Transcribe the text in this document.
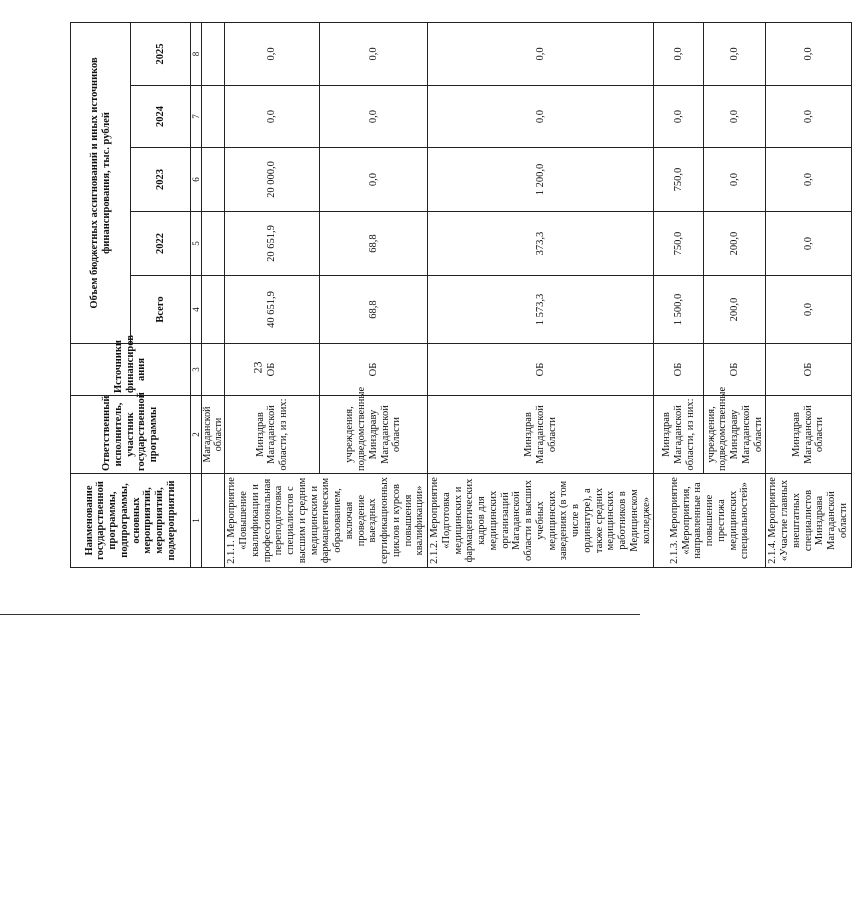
23
Наименование государственной программы, подпрограммы, основных мероприятий, мероприятий, подмероприятий	Ответственный исполнитель, участник государственной программы	Источники финансиров ания	Объем бюджетных ассигнований и иных источников финансирования, тыс. рублей				
			Всего	2022	2023	2024	2025
1	2	3	4	5	6	7	8
	Магаданской области						
2.1.1. Мероприятие «Повышение квалификации и профессиональная переподготовка специалистов с высшим и средним медицинским и фармацевтическим образованием, включая проведение выездных сертификационных циклов и курсов повышения квалификации»	Минздрав Магаданской области, из них:	ОБ	40 651,9	20 651,9	20 000,0	0,0	0,0
	учреждения, подведомственные Минздраву Магаданской области	ОБ	68,8	68,8	0,0	0,0	0,0
2.1.2. Мероприятие «Подготовка медицинских и фармацевтических кадров для медицинских организаций Магаданской области в высших учебных медицинских заведениях (в том числе в ординатуре), а также средних медицинских работников в Медицинском колледже»	Минздрав Магаданской области	ОБ	1 573,3	373,3	1 200,0	0,0	0,0
2.1.3. Мероприятие «Мероприятия, направленные на повышение престижа медицинских специальностей»	Минздрав Магаданской области, из них:	ОБ	1 500,0	750,0	750,0	0,0	0,0
	учреждения, подведомственные Минздраву Магаданской области	ОБ	200,0	200,0	0,0	0,0	0,0
2.1.4. Мероприятие «Участие главных внештатных специалистов Минздрава Магаданской области	Минздрав Магаданской области	ОБ	0,0	0,0	0,0	0,0	0,0
